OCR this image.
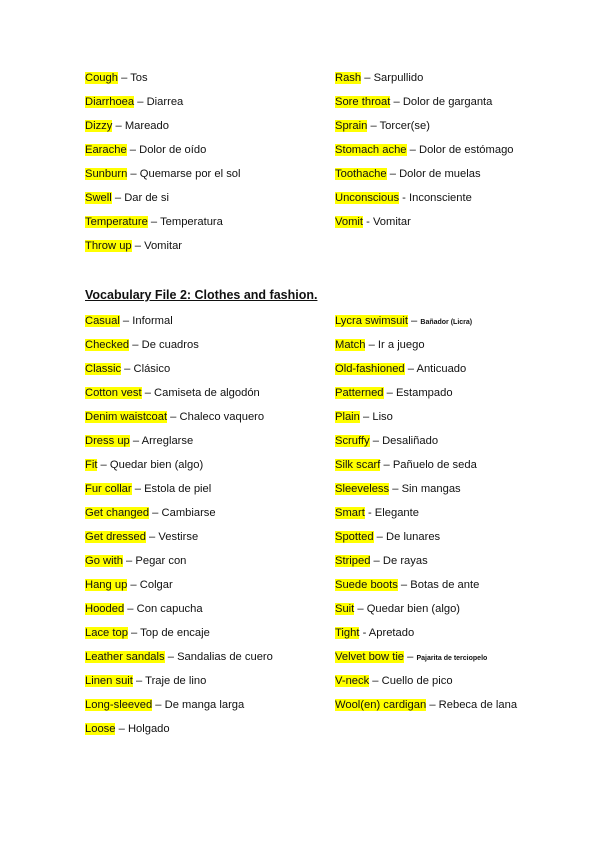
Cough – Tos
Diarrhoea – Diarrea
Dizzy – Mareado
Earache – Dolor de oído
Sunburn – Quemarse por el sol
Swell – Dar de si
Temperature – Temperatura
Throw up – Vomitar
Rash – Sarpullido
Sore throat – Dolor de garganta
Sprain – Torcer(se)
Stomach ache – Dolor de estómago
Toothache – Dolor de muelas
Unconscious - Inconsciente
Vomit - Vomitar
Vocabulary File 2: Clothes and fashion.
Casual – Informal
Checked – De cuadros
Classic – Clásico
Cotton vest – Camiseta de algodón
Denim waistcoat – Chaleco vaquero
Dress up – Arreglarse
Fit – Quedar bien (algo)
Fur collar – Estola de piel
Get changed – Cambiarse
Get dressed – Vestirse
Go with – Pegar con
Hang up – Colgar
Hooded – Con capucha
Lace top – Top de encaje
Leather sandals – Sandalias de cuero
Linen suit – Traje de lino
Long-sleeved – De manga larga
Loose – Holgado
Lycra swimsuit – Bañador (Licra)
Match – Ir a juego
Old-fashioned – Anticuado
Patterned – Estampado
Plain – Liso
Scruffy – Desaliñado
Silk scarf – Pañuelo de seda
Sleeveless – Sin mangas
Smart - Elegante
Spotted – De lunares
Striped – De rayas
Suede boots – Botas de ante
Suit – Quedar bien (algo)
Tight - Apretado
Velvet bow tie – Pajarita de terciopelo
V-neck – Cuello de pico
Wool(en) cardigan – Rebeca de lana
